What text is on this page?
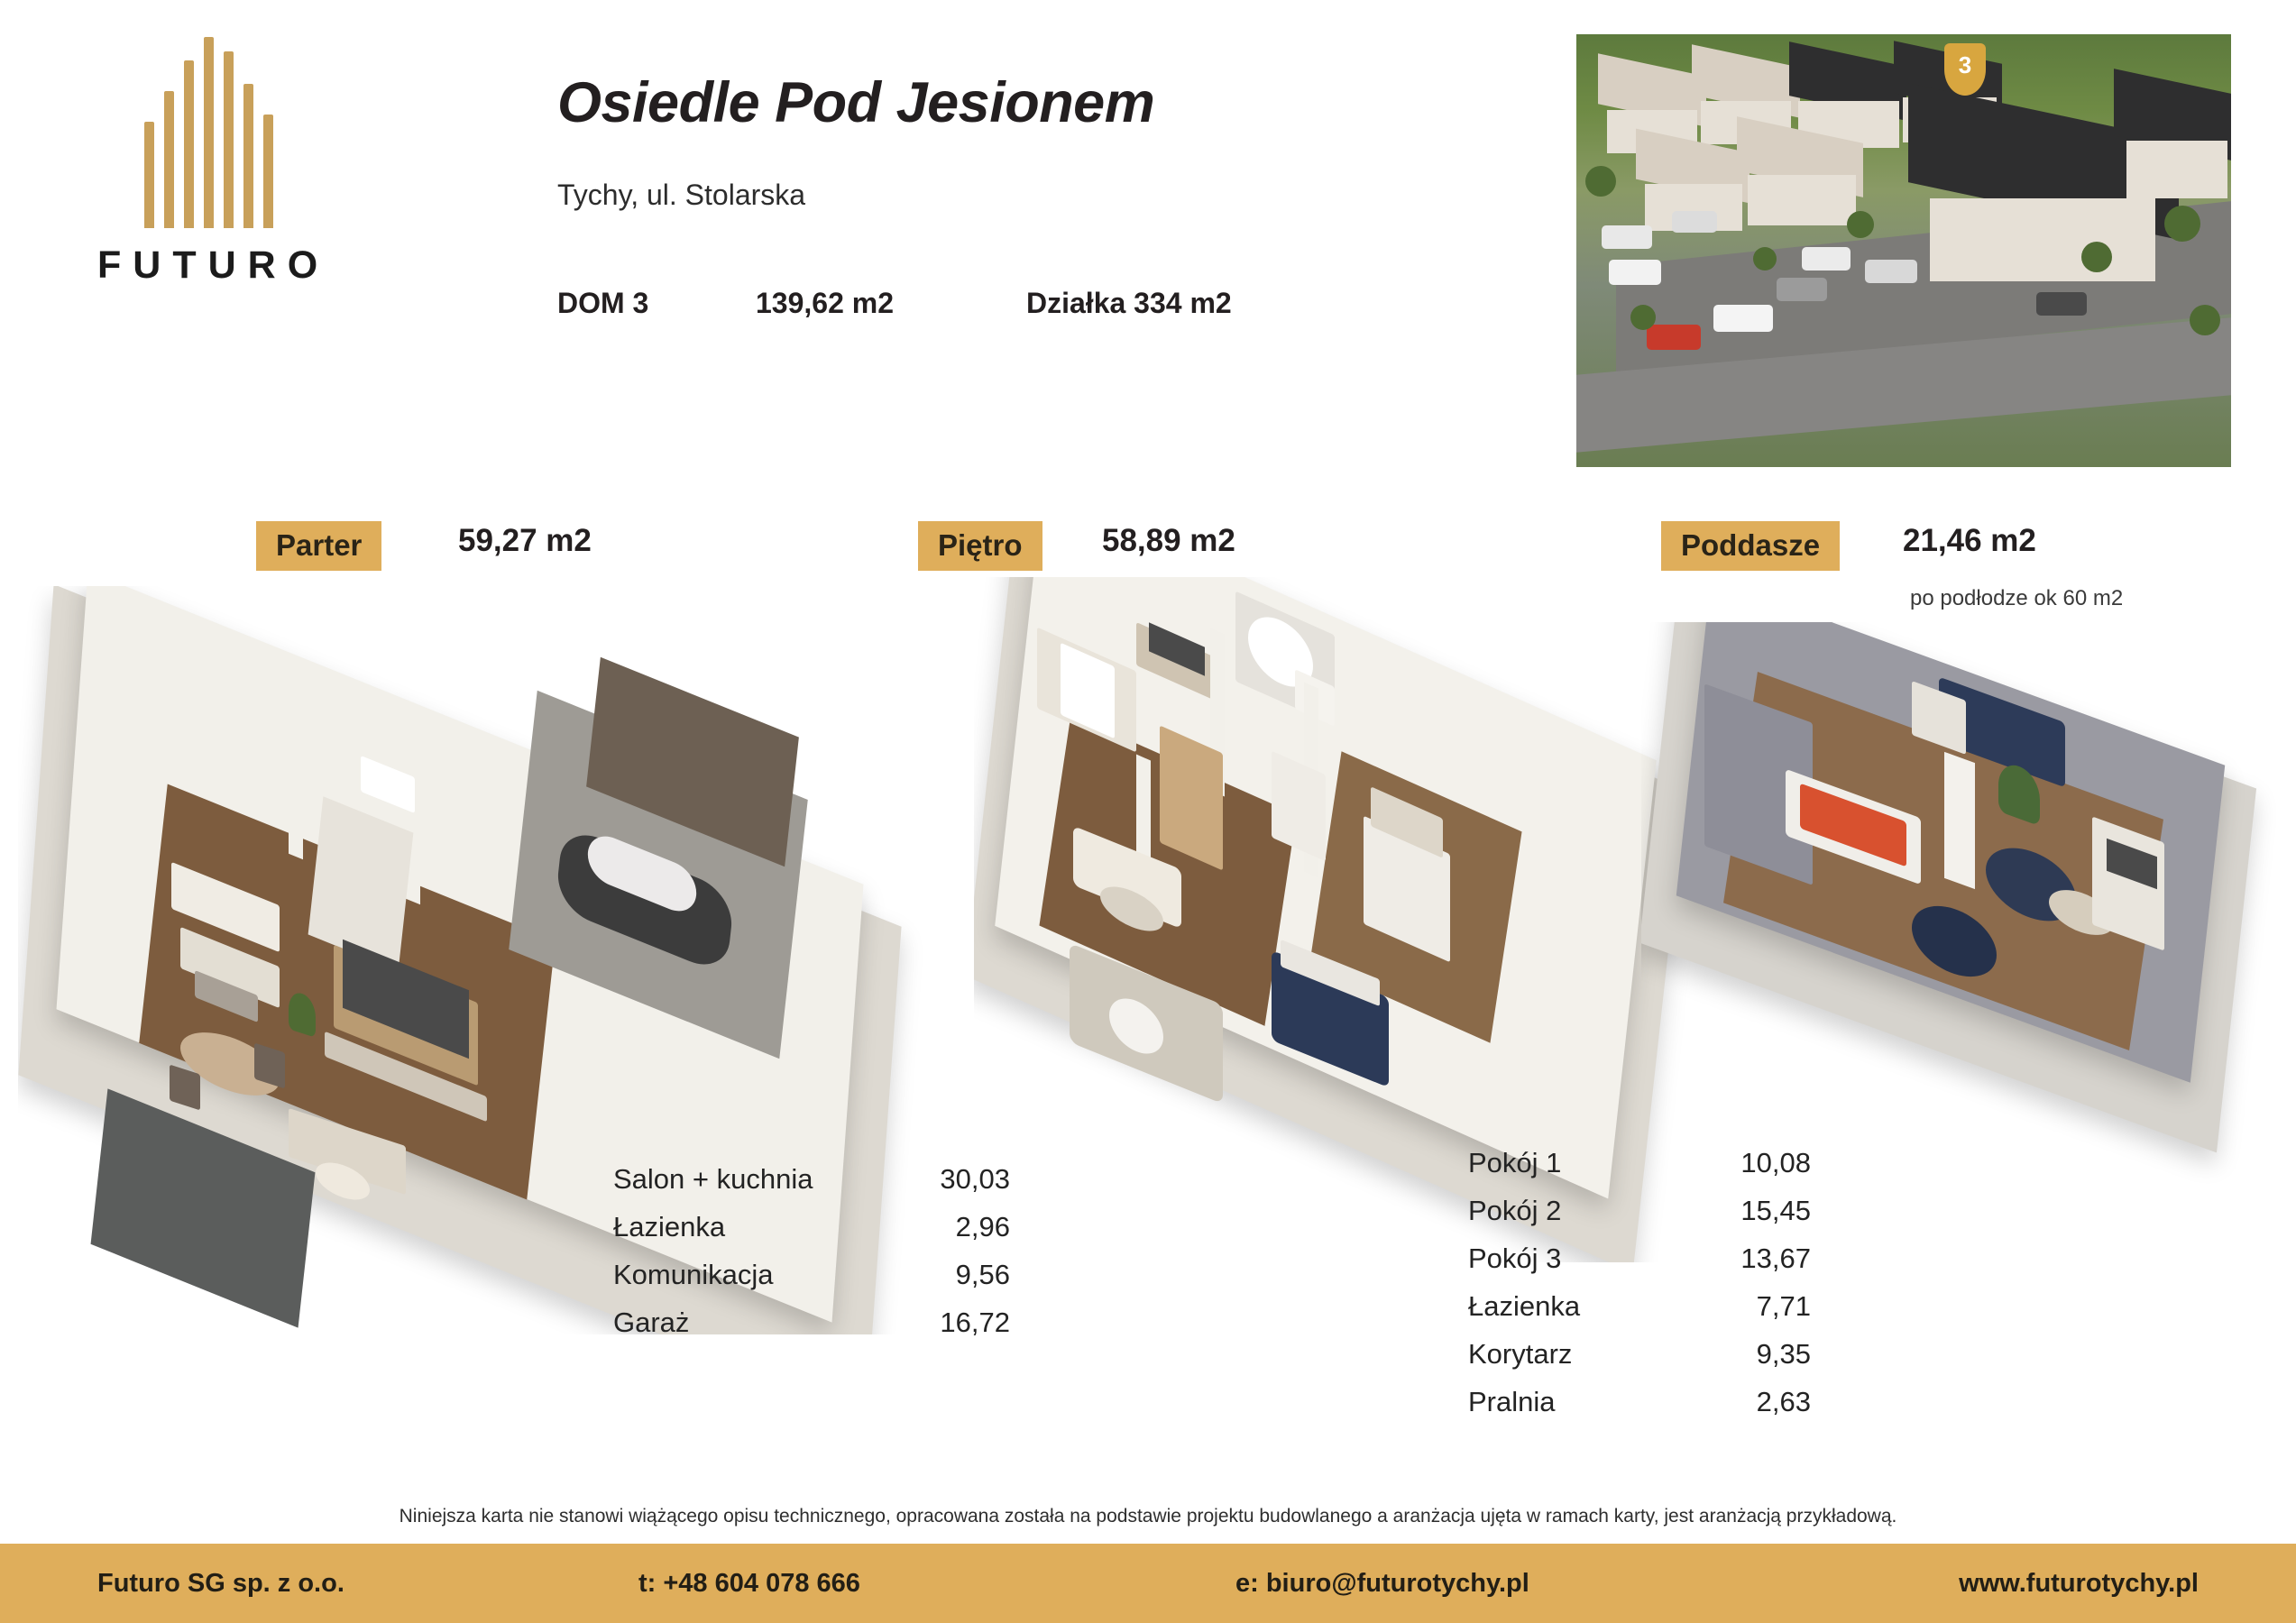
FUTURO
Osiedle Pod Jesionem
Tychy, ul. Stolarska
DOM 3	139,62 m2	Działka 334 m2
3
Parter	59,27 m2
Salon + kuchnia	30,03
Łazienka	2,96
Komunikacja	9,56
Garaż	16,72
Piętro	58,89 m2
Pokój 1	10,08
Pokój 2	15,45
Pokój 3	13,67
Łazienka	7,71
Korytarz	9,35
Pralnia	2,63
Poddasze	21,46 m2
po podłodze ok 60 m2
Niniejsza karta nie stanowi wiążącego opisu technicznego, opracowana została na podstawie projektu budowlanego a aranżacja ujęta w ramach karty, jest aranżacją przykładową.
Futuro SG sp. z o.o.	t: +48 604 078 666	e: biuro@futurotychy.pl	www.futurotychy.pl
